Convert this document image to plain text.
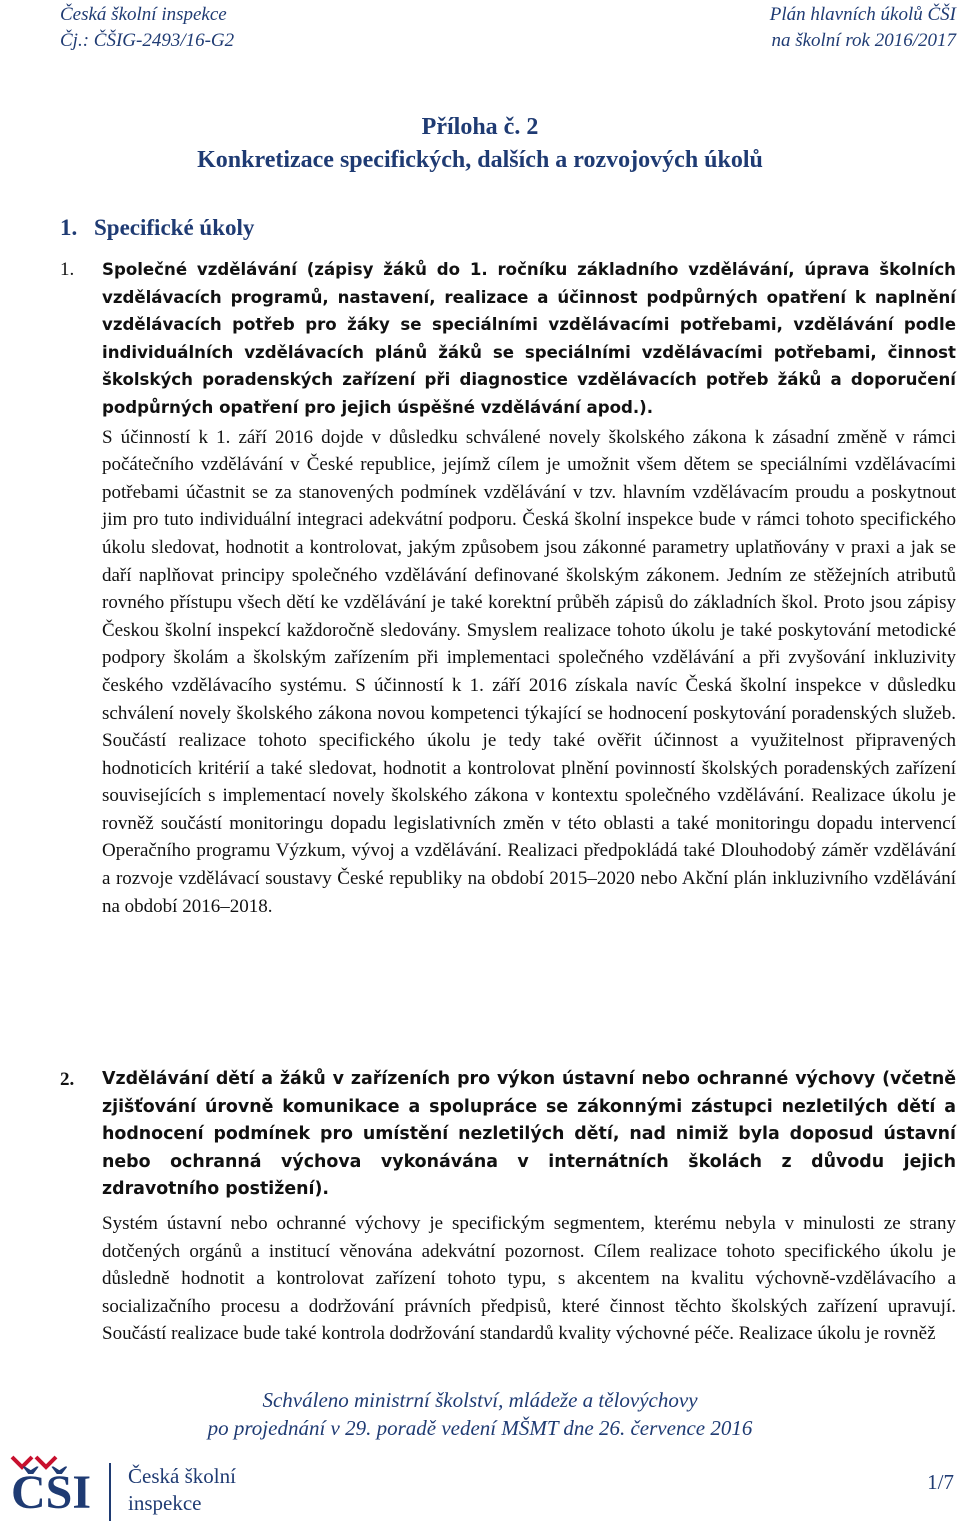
Česká školní inspekce
Čj.: ČŠIG-2493/16-G2
Plán hlavních úkolů ČŠI
na školní rok 2016/2017
Příloha č. 2
Konkretizace specifických, dalších a rozvojových úkolů
1. Specifické úkoly
1. Společné vzdělávání (zápisy žáků do 1. ročníku základního vzdělávání, úprava školních vzdělávacích programů, nastavení, realizace a účinnost podpůrných opatření k naplnění vzdělávacích potřeb pro žáky se speciálními vzdělávacími potřebami, vzdělávání podle individuálních vzdělávacích plánů žáků se speciálními vzdělávacími potřebami, činnost školských poradenských zařízení při diagnostice vzdělávacích potřeb žáků a doporučení podpůrných opatření pro jejich úspěšné vzdělávání apod.).
S účinností k 1. září 2016 dojde v důsledku schválené novely školského zákona k zásadní změně v rámci počátečního vzdělávání v České republice, jejímž cílem je umožnit všem dětem se speciálními vzdělávacími potřebami účastnit se za stanovených podmínek vzdělávání v tzv. hlavním vzdělávacím proudu a poskytnout jim pro tuto individuální integraci adekvátní podporu. Česká školní inspekce bude v rámci tohoto specifického úkolu sledovat, hodnotit a kontrolovat, jakým způsobem jsou zákonné parametry uplatňovány v praxi a jak se daří naplňovat principy společného vzdělávání definované školským zákonem. Jedním ze stěžejních atributů rovného přístupu všech dětí ke vzdělávání je také korektní průběh zápisů do základních škol. Proto jsou zápisy Českou školní inspekcí každoročně sledovány. Smyslem realizace tohoto úkolu je také poskytování metodické podpory školám a školským zařízením při implementaci společného vzdělávání a při zvyšování inkluzivity českého vzdělávacího systému. S účinností k 1. září 2016 získala navíc Česká školní inspekce v důsledku schválení novely školského zákona novou kompetenci týkající se hodnocení poskytování poradenských služeb. Součástí realizace tohoto specifického úkolu je tedy také ověřit účinnost a využitelnost připravených hodnoticích kritérií a také sledovat, hodnotit a kontrolovat plnění povinností školských poradenských zařízení souvisejících s implementací novely školského zákona v kontextu společného vzdělávání. Realizace úkolu je rovněž součástí monitoringu dopadu legislativních změn v této oblasti a také monitoringu dopadu intervencí Operačního programu Výzkum, vývoj a vzdělávání. Realizaci předpokládá také Dlouhodobý záměr vzdělávání a rozvoje vzdělávací soustavy České republiky na období 2015–2020 nebo Akční plán inkluzivního vzdělávání na období 2016–2018.
2. Vzdělávání dětí a žáků v zařízeních pro výkon ústavní nebo ochranné výchovy (včetně zjišťování úrovně komunikace a spolupráce se zákonnými zástupci nezletilých dětí a hodnocení podmínek pro umístění nezletilých dětí, nad nimiž byla doposud ústavní nebo ochranná výchova vykonávána v internátních školách z důvodu jejich zdravotního postižení).
Systém ústavní nebo ochranné výchovy je specifickým segmentem, kterému nebyla v minulosti ze strany dotčených orgánů a institucí věnována adekvátní pozornost. Cílem realizace tohoto specifického úkolu je důsledně hodnotit a kontrolovat zařízení tohoto typu, s akcentem na kvalitu výchovně-vzdělávacího a socializačního procesu a dodržování právních předpisů, které činnost těchto školských zařízení upravují. Součástí realizace bude také kontrola dodržování standardů kvality výchovné péče. Realizace úkolu je rovněž
Schváleno ministrní školství, mládeže a tělovýchovy
po projednání v 29. poradě vedení MŠMT dne 26. července 2016
ČŠI	Česká školní
inspekce
1/7
